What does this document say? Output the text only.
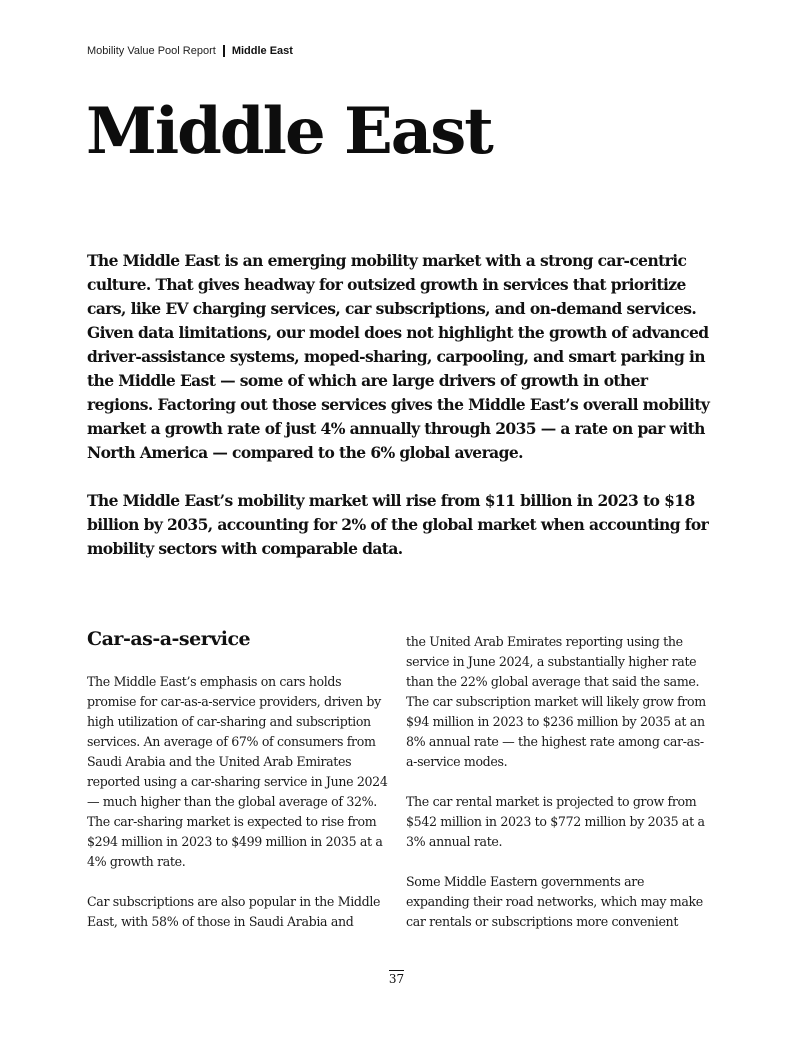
Mobility Value Pool Report Middle East
Middle East

The Middle East is an emerging mobility market with a strong car-centric culture. That gives headway for outsized growth in services that prioritize cars, like EV charging services, car subscriptions, and on-demand services. Given data limitations, our model does not highlight the growth of advanced driver-assistance systems, moped-sharing, carpooling, and smart parking in the Middle East — some of which are large drivers of growth in other regions. Factoring out those services gives the Middle East’s overall mobility market a growth rate of just 4% annually through 2035 — a rate on par with North America — compared to the 6% global average.

The Middle East’s mobility market will rise from $11 billion in 2023 to $18 billion by 2035, accounting for 2% of the global market when accounting for mobility sectors with comparable data.

Car-as-a-service

The Middle East’s emphasis on cars holds promise for car-as-a-service providers, driven by high utilization of car-sharing and subscription services. An average of 67% of consumers from Saudi Arabia and the United Arab Emirates reported using a car-sharing service in June 2024 — much higher than the global average of 32%. The car-sharing market is expected to rise from $294 million in 2023 to $499 million in 2035 at a 4% growth rate.

Car subscriptions are also popular in the Middle East, with 58% of those in Saudi Arabia and

the United Arab Emirates reporting using the service in June 2024, a substantially higher rate than the 22% global average that said the same. The car subscription market will likely grow from $94 million in 2023 to $236 million by 2035 at an 8% annual rate — the highest rate among car-as-a-service modes.

The car rental market is projected to grow from $542 million in 2023 to $772 million by 2035 at a 3% annual rate.

Some Middle Eastern governments are expanding their road networks, which may make car rentals or subscriptions more convenient

37
